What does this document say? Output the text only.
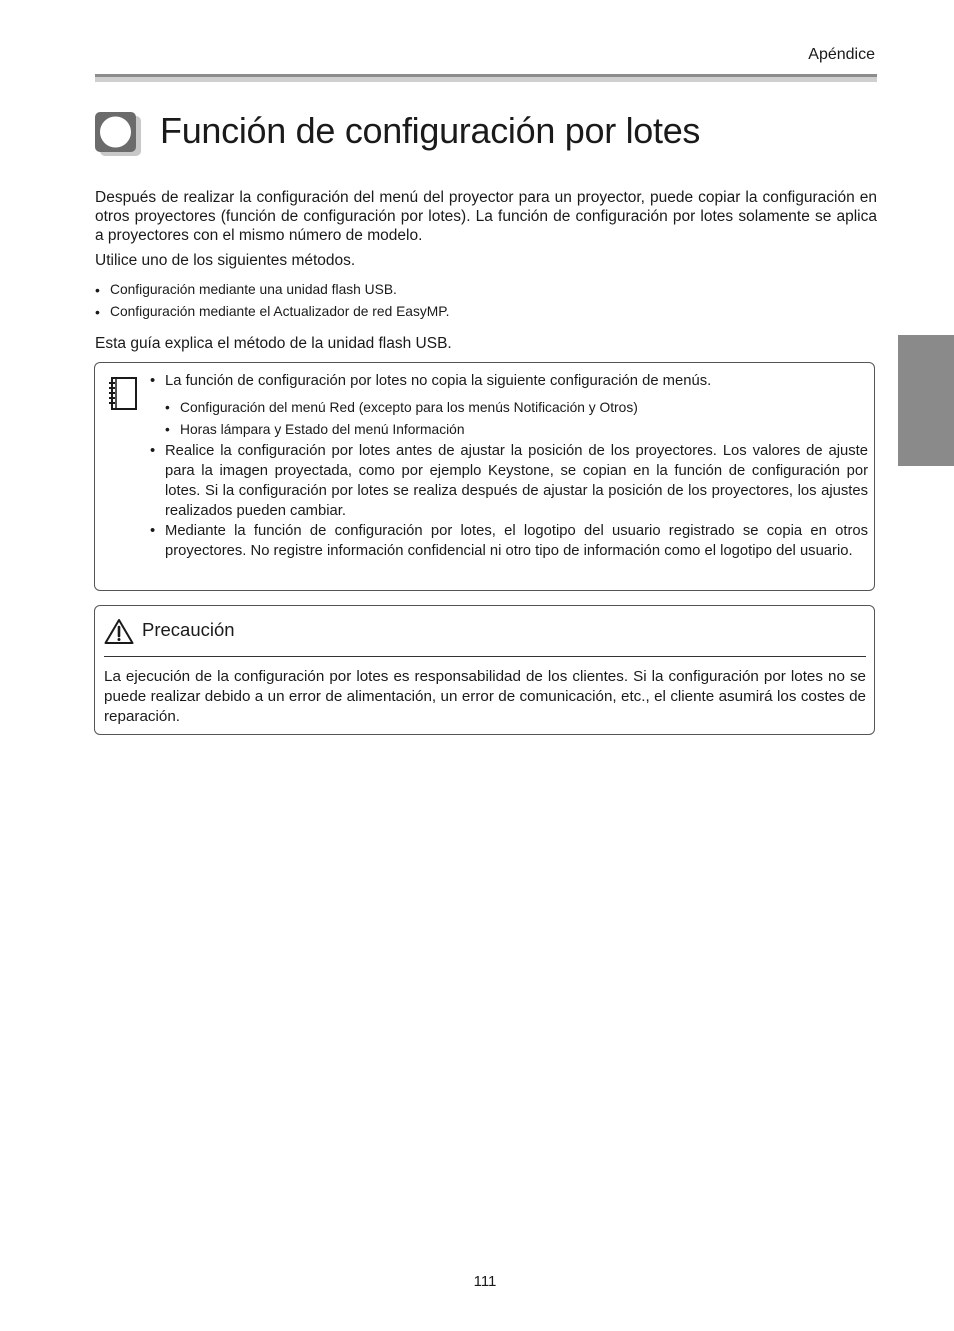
Apéndice
Función de configuración por lotes

Después de realizar la configuración del menú del proyector para un proyector, puede copiar la configuración en otros proyectores (función de configuración por lotes). La función de configuración por lotes solamente se aplica a proyectores con el mismo número de modelo.

Utilice uno de los siguientes métodos.

• Configuración mediante una unidad flash USB.
• Configuración mediante el Actualizador de red EasyMP.

Esta guía explica el método de la unidad flash USB.

• La función de configuración por lotes no copia la siguiente configuración de menús.
• Configuración del menú Red (excepto para los menús Notificación y Otros)
• Horas lámpara y Estado del menú Información
• Realice la configuración por lotes antes de ajustar la posición de los proyectores. Los valores de ajuste para la imagen proyectada, como por ejemplo Keystone, se copian en la función de configuración por lotes. Si la configuración por lotes se realiza después de ajustar la posición de los proyectores, los ajustes realizados pueden cambiar.
• Mediante la función de configuración por lotes, el logotipo del usuario registrado se copia en otros proyectores. No registre información confidencial ni otro tipo de información como el logotipo del usuario.
Precaución

La ejecución de la configuración por lotes es responsabilidad de los clientes. Si la configuración por lotes no se puede realizar debido a un error de alimentación, un error de comunicación, etc., el cliente asumirá los costes de reparación.

111
